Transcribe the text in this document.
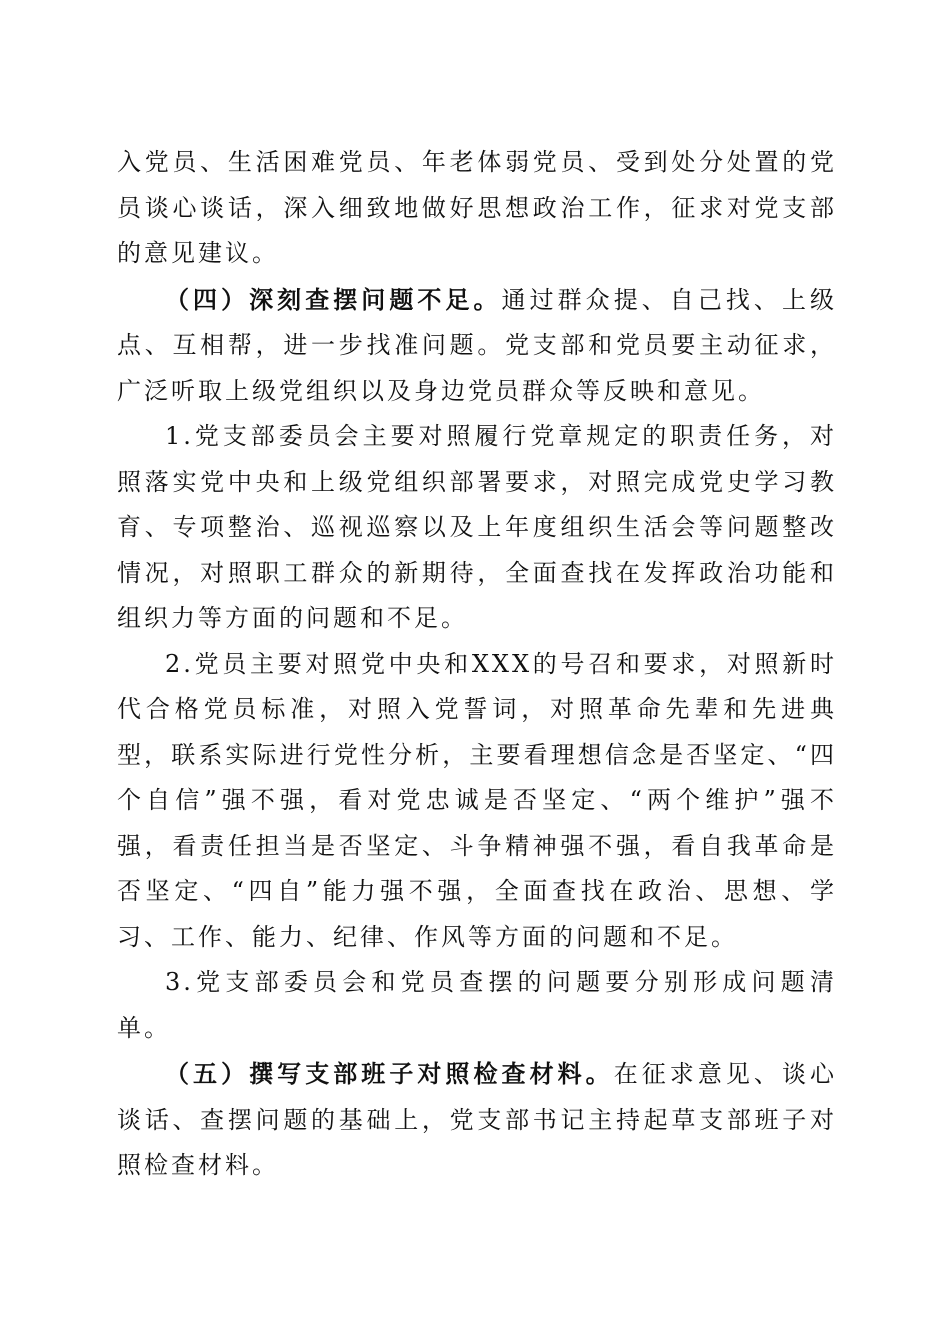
入党员、生活困难党员、年老体弱党员、受到处分处置的党员谈心谈话，深入细致地做好思想政治工作，征求对党支部的意见建议。

（四）深刻查摆问题不足。通过群众提、自己找、上级点、互相帮，进一步找准问题。党支部和党员要主动征求，广泛听取上级党组织以及身边党员群众等反映和意见。

1.党支部委员会主要对照履行党章规定的职责任务，对照落实党中央和上级党组织部署要求，对照完成党史学习教育、专项整治、巡视巡察以及上年度组织生活会等问题整改情况，对照职工群众的新期待，全面查找在发挥政治功能和组织力等方面的问题和不足。

2.党员主要对照党中央和XXX的号召和要求，对照新时代合格党员标准，对照入党誓词，对照革命先辈和先进典型，联系实际进行党性分析，主要看理想信念是否坚定、“四个自信”强不强，看对党忠诚是否坚定、“两个维护”强不强，看责任担当是否坚定、斗争精神强不强，看自我革命是否坚定、“四自”能力强不强，全面查找在政治、思想、学习、工作、能力、纪律、作风等方面的问题和不足。

3.党支部委员会和党员查摆的问题要分别形成问题清单。

（五）撰写支部班子对照检查材料。在征求意见、谈心谈话、查摆问题的基础上，党支部书记主持起草支部班子对照检查材料。
